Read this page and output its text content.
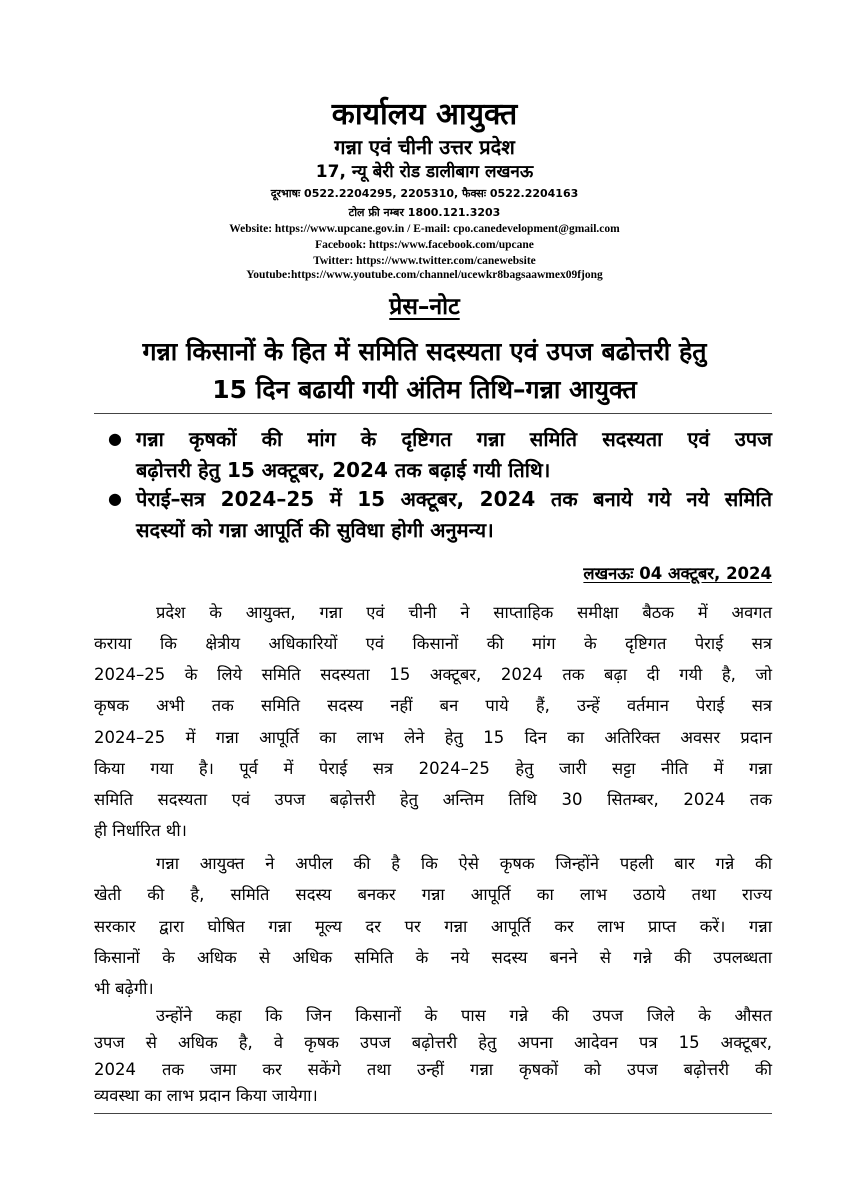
कार्यालय आयुक्त
गन्ना एवं चीनी उत्तर प्रदेश
17, न्यू बेरी रोड डालीबाग लखनऊ
दूरभाषः 0522.2204295, 2205310, फैक्सः 0522.2204163
टोल फ्री नम्बर 1800.121.3203
Website: https://www.upcane.gov.in / E-mail: cpo.canedevelopment@gmail.com
Facebook: https:/www.facebook.com/upcane
Twitter: https://www.twitter.com/canewebsite
Youtube:https://www.youtube.com/channel/ucewkr8bagsaawmex09fjong
प्रेस–नोट
गन्ना किसानों के हित में समिति सदस्यता एवं उपज बढोत्तरी हेतु
15 दिन बढायी गयी अंतिम तिथि–गन्ना आयुक्त
● गन्ना कृषकों की मांग के दृष्टिगत गन्ना समिति सदस्यता एवं उपज
बढ़ोत्तरी हेतु 15 अक्टूबर, 2024 तक बढ़ाई गयी तिथि।
● पेराई–सत्र 2024–25 में 15 अक्टूबर, 2024 तक बनाये गये नये समिति
सदस्यों को गन्ना आपूर्ति की सुविधा होगी अनुमन्य।
लखनऊः 04 अक्टूबर, 2024
प्रदेश के आयुक्त, गन्ना एवं चीनी ने साप्ताहिक समीक्षा बैठक में अवगत
कराया कि क्षेत्रीय अधिकारियों एवं किसानों की मांग के दृष्टिगत पेराई सत्र
2024–25 के लिये समिति सदस्यता 15 अक्टूबर, 2024 तक बढ़ा दी गयी है, जो
कृषक अभी तक समिति सदस्य नहीं बन पाये हैं, उन्हें वर्तमान पेराई सत्र
2024–25 में गन्ना आपूर्ति का लाभ लेने हेतु 15 दिन का अतिरिक्त अवसर प्रदान
किया गया है। पूर्व में पेराई सत्र 2024–25 हेतु जारी सट्टा नीति में गन्ना
समिति सदस्यता एवं उपज बढ़ोत्तरी हेतु अन्तिम तिथि 30 सितम्बर, 2024 तक
ही निर्धारित थी।
गन्ना आयुक्त ने अपील की है कि ऐसे कृषक जिन्होंने पहली बार गन्ने की
खेती की है, समिति सदस्य बनकर गन्ना आपूर्ति का लाभ उठाये तथा राज्य
सरकार द्वारा घोषित गन्ना मूल्य दर पर गन्ना आपूर्ति कर लाभ प्राप्त करें। गन्ना
किसानों के अधिक से अधिक समिति के नये सदस्य बनने से गन्ने की उपलब्धता
भी बढ़ेगी।
उन्होंने कहा कि जिन किसानों के पास गन्ने की उपज जिले के औसत
उपज से अधिक है, वे कृषक उपज बढ़ोत्तरी हेतु अपना आदेवन पत्र 15 अक्टूबर,
2024 तक जमा कर सकेंगे तथा उन्हीं गन्ना कृषकों को उपज बढ़ोत्तरी की
व्यवस्था का लाभ प्रदान किया जायेगा।
